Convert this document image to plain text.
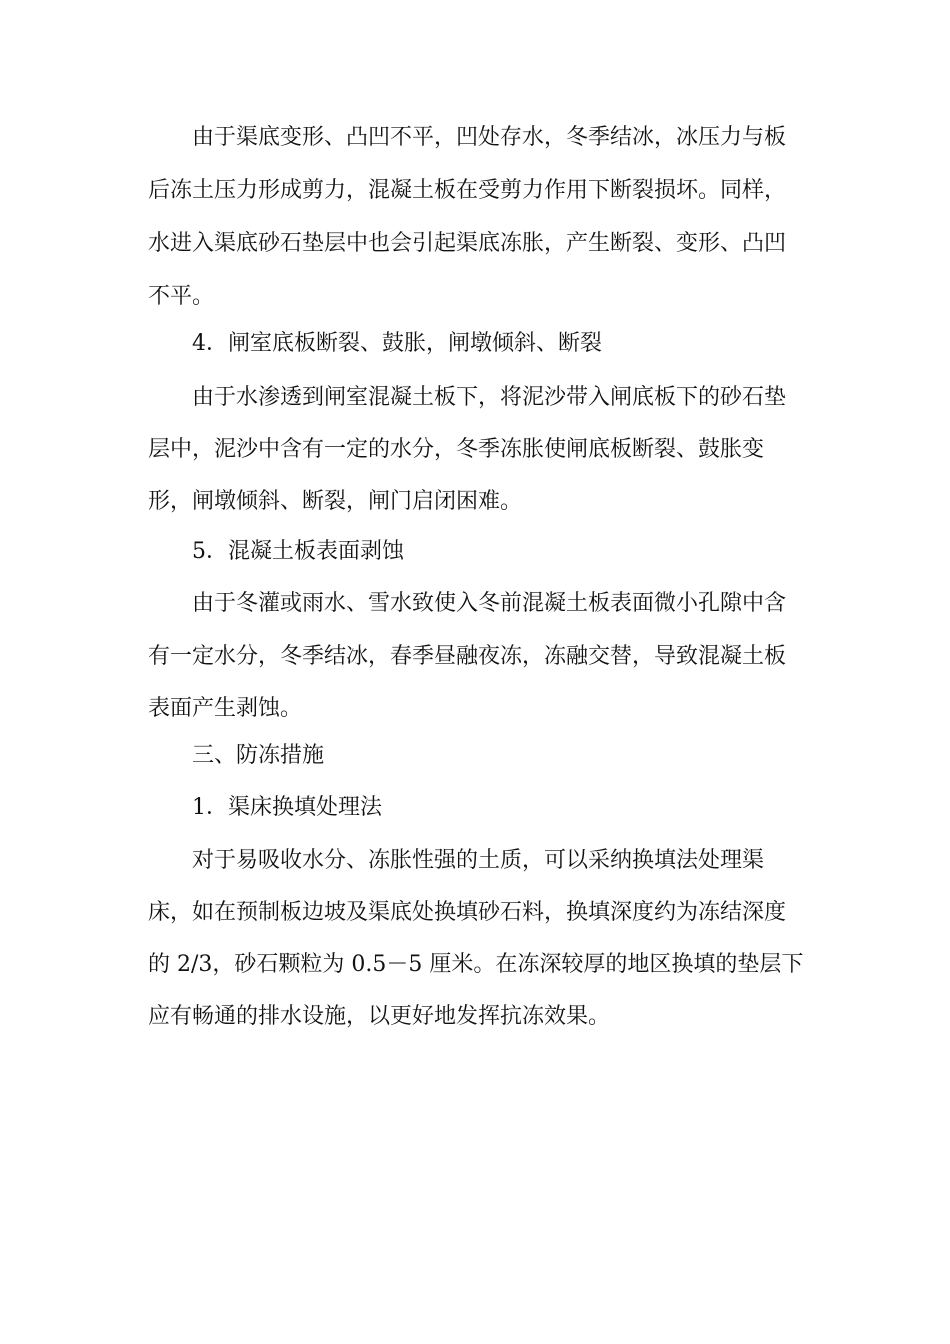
由于渠底变形、凸凹不平，凹处存水，冬季结冰，冰压力与板
后冻土压力形成剪力，混凝土板在受剪力作用下断裂损坏。同样，
水进入渠底砂石垫层中也会引起渠底冻胀，产生断裂、变形、凸凹
不平。
4．闸室底板断裂、鼓胀，闸墩倾斜、断裂
由于水渗透到闸室混凝土板下，将泥沙带入闸底板下的砂石垫
层中，泥沙中含有一定的水分，冬季冻胀使闸底板断裂、鼓胀变
形，闸墩倾斜、断裂，闸门启闭困难。
5．混凝土板表面剥蚀
由于冬灌或雨水、雪水致使入冬前混凝土板表面微小孔隙中含
有一定水分，冬季结冰，春季昼融夜冻，冻融交替，导致混凝土板
表面产生剥蚀。
三、防冻措施
1．渠床换填处理法
对于易吸收水分、冻胀性强的土质，可以采纳换填法处理渠
床，如在预制板边坡及渠底处换填砂石料，换填深度约为冻结深度
的 2/3，砂石颗粒为 0.5－5 厘米。在冻深较厚的地区换填的垫层下
应有畅通的排水设施，以更好地发挥抗冻效果。
